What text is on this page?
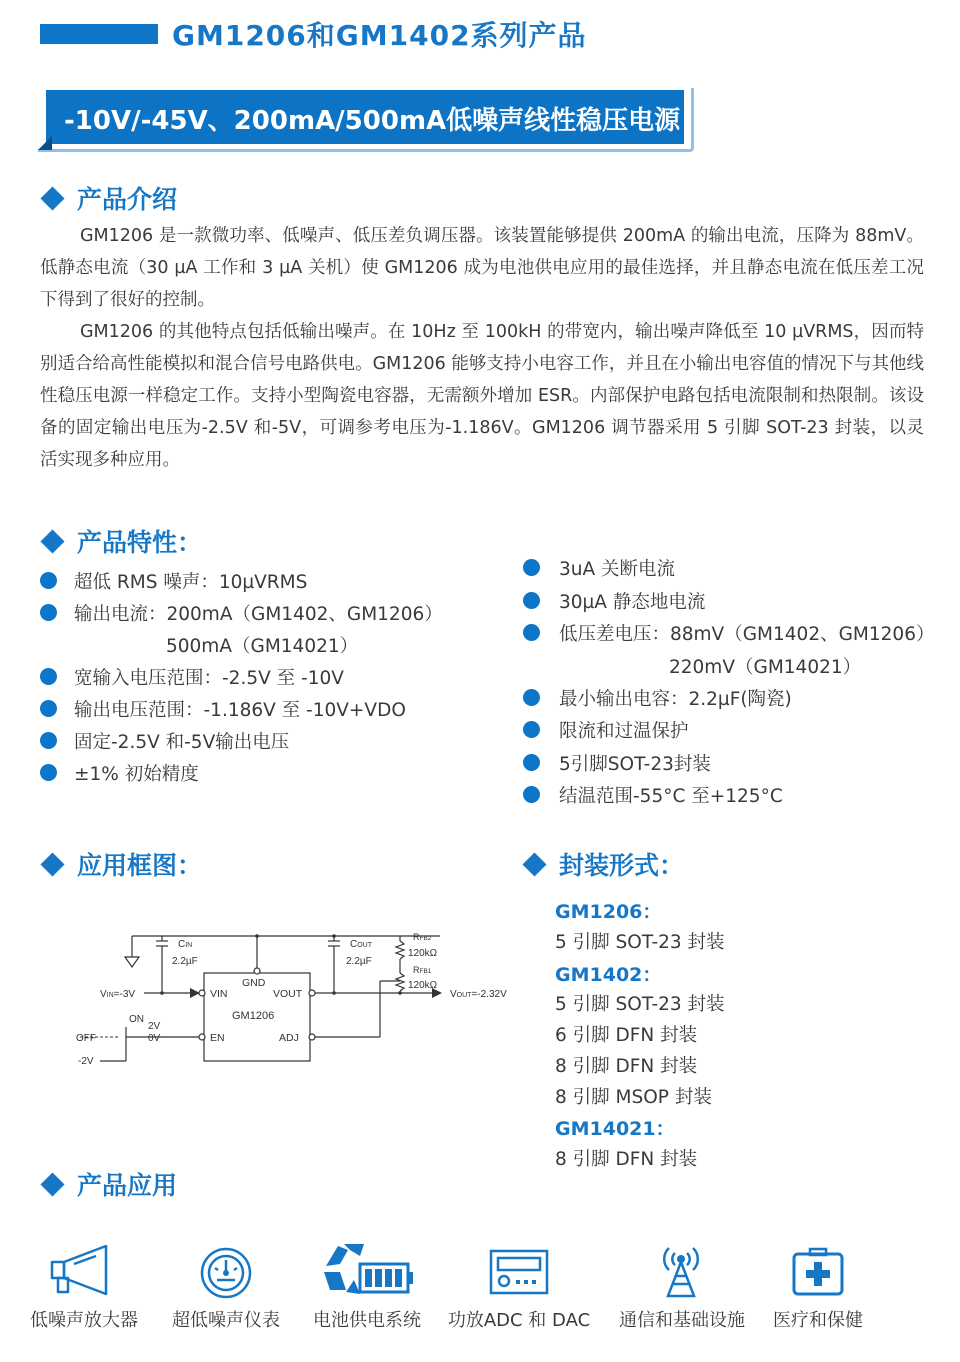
GM1206和GM1402系列产品
-10V/-45V、200mA/500mA低噪声线性稳压电源
产品介绍

GM1206 是一款微功率、低噪声、低压差负调压器。该装置能够提供 200mA 的输出电流，压降为 88mV。低静态电流（30 µA 工作和 3 µA 关机）使 GM1206 成为电池供电应用的最佳选择，并且静态电流在低压差工况下得到了很好的控制。

GM1206 的其他特点包括低输出噪声。在 10Hz 至 100kH 的带宽内，输出噪声降低至 10 µVRMS，因而特别适合给高性能模拟和混合信号电路供电。GM1206 能够支持小电容工作，并且在小输出电容值的情况下与其他线性稳压电源一样稳定工作。支持小型陶瓷电容器，无需额外增加 ESR。内部保护电路包括电流限制和热限制。该设备的固定输出电压为-2.5V 和-5V，可调参考电压为-1.186V。GM1206 调节器采用 5 引脚 SOT-23 封装，以灵活实现多种应用。

产品特性：
超低 RMS 噪声：10µVRMS
输出电流：200mA（GM1402、GM1206）
500mA（GM14021）
宽输入电压范围：-2.5V 至 -10V
输出电压范围：-1.186V 至 -10V+VDO
固定-2.5V 和-5V输出电压
±1% 初始精度
3uA 关断电流
30µA 静态地电流
低压差电压：88mV（GM1402、GM1206）
220mV（GM14021）
最小输出电容：2.2µF(陶瓷)
限流和过温保护
5引脚SOT-23封装
结温范围-55°C 至+125°C
应用框图：
CIN
2.2µF
COUT
2.2µF
RFB2
120kΩ
RFB1
120kΩ
VIN=-3V	VOUT=-2.32V
GND
VIN	VOUT
GM1206
EN	ADJ
ON
OFF
2V
0V
-2V
封装形式：
GM1206：
5 引脚 SOT-23 封装
GM1402：
5 引脚 SOT-23 封装
6 引脚 DFN 封装
8 引脚 DFN 封装
8 引脚 MSOP 封装
GM14021：
8 引脚 DFN 封装
产品应用
低噪声放大器	超低噪声仪表	电池供电系统	功放ADC 和 DAC	通信和基础设施	医疗和保健
